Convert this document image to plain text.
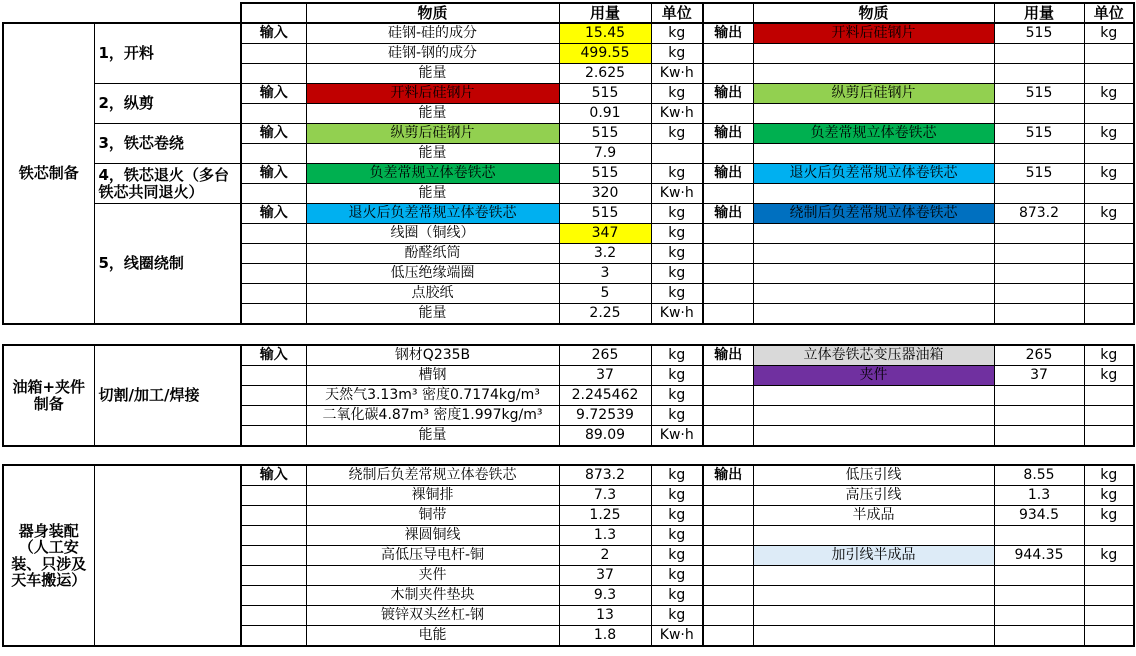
	物质	用量	单位		物质	用量	单位
铁芯制备	1，开料	输入	硅钢-硅的成分	15.45	kg	输出	开料后硅钢片	515	kg
			硅钢-钢的成分	499.55	kg				
			能量	2.625	Kw·h				
	2，纵剪	输入	开料后硅钢片	515	kg	输出	纵剪后硅钢片	515	kg
			能量	0.91	Kw·h				
	3，铁芯卷绕	输入	纵剪后硅钢片	515	kg	输出	负差常规立体卷铁芯	515	kg
			能量	7.9					
	4，铁芯退火（多台铁芯共同退火）	输入	负差常规立体卷铁芯	515	kg	输出	退火后负差常规立体卷铁芯	515	kg
			能量	320	Kw·h				
	5，线圈绕制	输入	退火后负差常规立体卷铁芯	515	kg	输出	绕制后负差常规立体卷铁芯	873.2	kg
			线圈（铜线）	347	kg				
			酚醛纸筒	3.2	kg				
			低压绝缘端圈	3	kg				
			点胶纸	5	kg				
			能量	2.25	Kw·h				
油箱+夹件制备	切割/加工/焊接	输入	钢材Q235B	265	kg	输出	立体卷铁芯变压器油箱	265	kg
			槽钢	37	kg		夹件	37	kg
			天然气3.13m³ 密度0.7174kg/m³	2.245462	kg				
			二氧化碳4.87m³ 密度1.997kg/m³	9.72539	kg				
			能量	89.09	Kw·h				
器身装配（人工安装、只涉及天车搬运）		输入	绕制后负差常规立体卷铁芯	873.2	kg	输出	低压引线	8.55	kg
			裸铜排	7.3	kg		高压引线	1.3	kg
			铜带	1.25	kg		半成品	934.5	kg
			裸圆铜线	1.3	kg				
			高低压导电杆-铜	2	kg		加引线半成品	944.35	kg
			夹件	37	kg				
			木制夹件垫块	9.3	kg				
			镀锌双头丝杠-钢	13	kg				
			电能	1.8	Kw·h				
